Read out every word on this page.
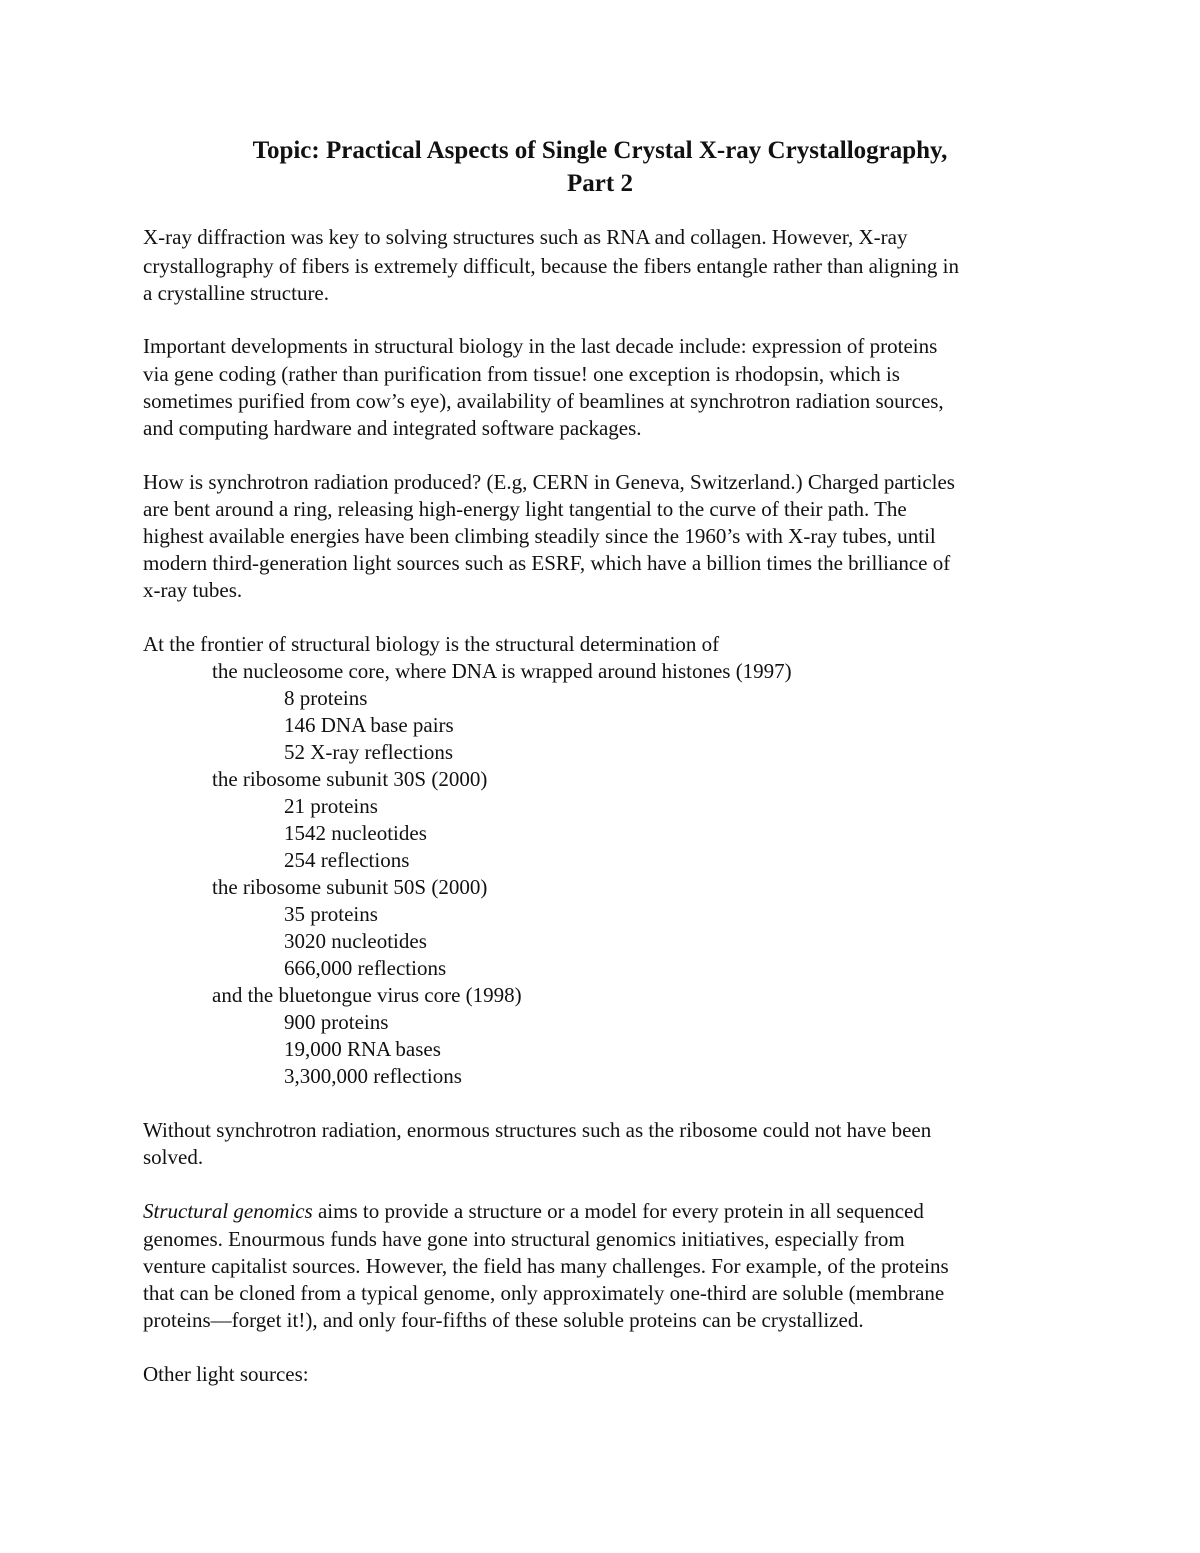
Topic: Practical Aspects of Single Crystal X-ray Crystallography,
Part 2

X-ray diffraction was key to solving structures such as RNA and collagen. However, X-ray

crystallography of fibers is extremely difficult, because the fibers entangle rather than aligning in

a crystalline structure.

Important developments in structural biology in the last decade include: expression of proteins

via gene coding (rather than purification from tissue! one exception is rhodopsin, which is

sometimes purified from cow’s eye), availability of beamlines at synchrotron radiation sources,

and computing hardware and integrated software packages.

How is synchrotron radiation produced? (E.g, CERN in Geneva, Switzerland.) Charged particles

are bent around a ring, releasing high-energy light tangential to the curve of their path. The

highest available energies have been climbing steadily since the 1960’s with X-ray tubes, until

modern third-generation light sources such as ESRF, which have a billion times the brilliance of

x-ray tubes.

At the frontier of structural biology is the structural determination of

the nucleosome core, where DNA is wrapped around histones (1997)

8 proteins

146 DNA base pairs

52 X-ray reflections

the ribosome subunit 30S (2000)

21 proteins

1542 nucleotides

254 reflections

the ribosome subunit 50S (2000)

35 proteins

3020 nucleotides

666,000 reflections

and the bluetongue virus core (1998)

900 proteins

19,000 RNA bases

3,300,000 reflections

Without synchrotron radiation, enormous structures such as the ribosome could not have been

solved.

Structural genomics aims to provide a structure or a model for every protein in all sequenced

genomes. Enourmous funds have gone into structural genomics initiatives, especially from

venture capitalist sources. However, the field has many challenges. For example, of the proteins

that can be cloned from a typical genome, only approximately one-third are soluble (membrane

proteins—forget it!), and only four-fifths of these soluble proteins can be crystallized.

Other light sources:
